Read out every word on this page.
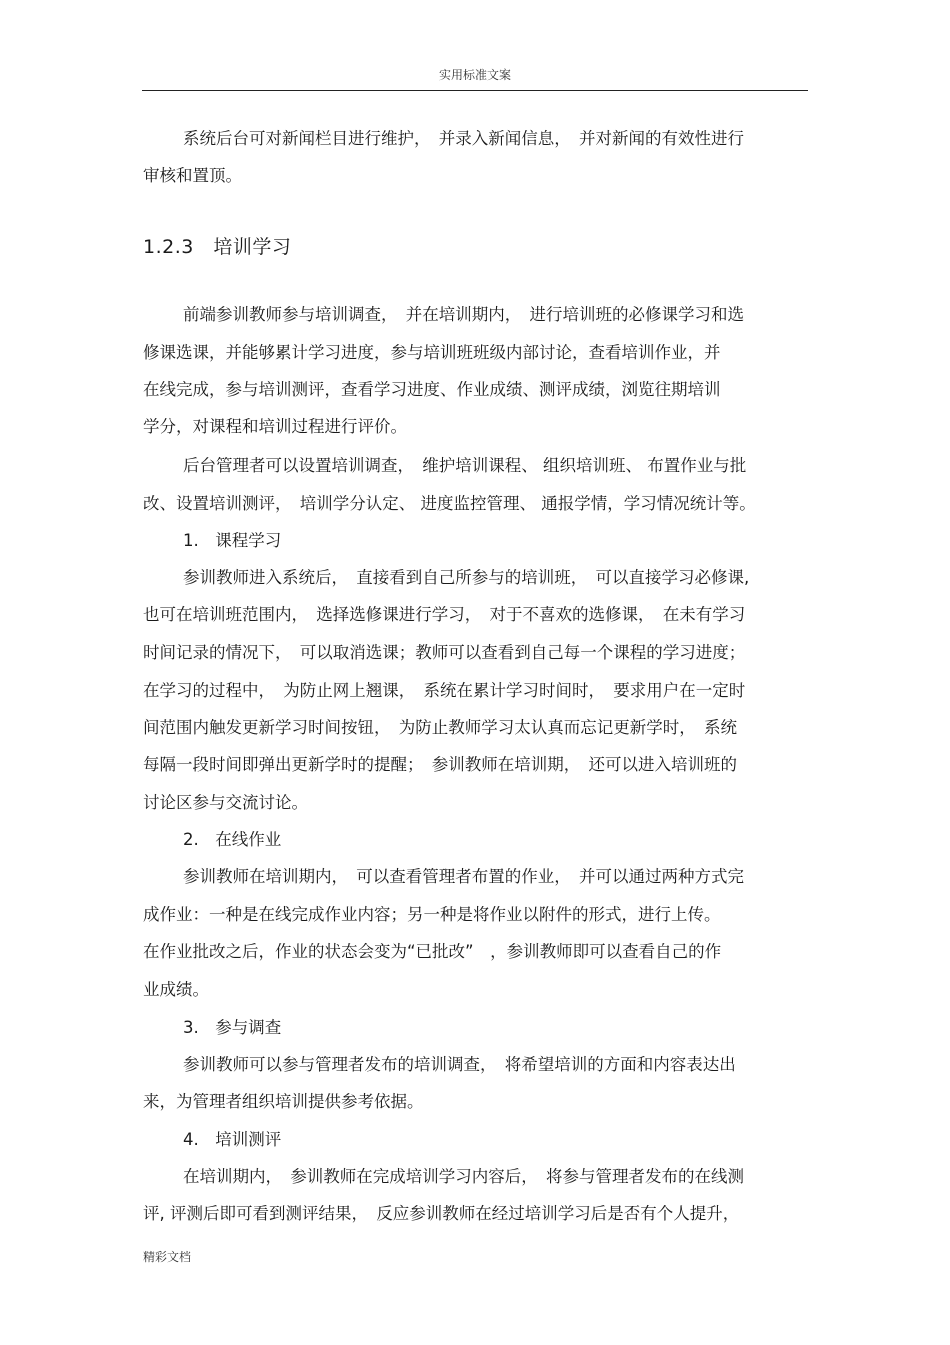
实用标准文案
系统后台可对新闻栏目进行维护，　并录入新闻信息，　并对新闻的有效性进行
审核和置顶。
1.2.3　培训学习
前端参训教师参与培训调查，　并在培训期内，　进行培训班的必修课学习和选
修课选课，并能够累计学习进度，参与培训班班级内部讨论，查看培训作业，并
在线完成，参与培训测评，查看学习进度、作业成绩、测评成绩，浏览往期培训
学分，对课程和培训过程进行评价。
后台管理者可以设置培训调查，　维护培训课程、 组织培训班、 布置作业与批
改、设置培训测评，　培训学分认定、 进度监控管理、 通报学情，学习情况统计等。
1.　课程学习
参训教师进入系统后，　直接看到自己所参与的培训班，　可以直接学习必修课,
也可在培训班范围内，　选择选修课进行学习，　对于不喜欢的选修课，　在未有学习
时间记录的情况下，　可以取消选课；教师可以查看到自己每一个课程的学习进度；
在学习的过程中，　为防止网上翘课，　系统在累计学习时间时，　要求用户在一定时
间范围内触发更新学习时间按钮，　为防止教师学习太认真而忘记更新学时，　系统
每隔一段时间即弹出更新学时的提醒；　参训教师在培训期，　还可以进入培训班的
讨论区参与交流讨论。
2.　在线作业
参训教师在培训期内，　可以查看管理者布置的作业，　并可以通过两种方式完
成作业：一种是在线完成作业内容；另一种是将作业以附件的形式，进行上传。
在作业批改之后，作业的状态会变为“已批改”　，参训教师即可以查看自己的作
业成绩。
3.　参与调查
参训教师可以参与管理者发布的培训调查，　将希望培训的方面和内容表达出
来，为管理者组织培训提供参考依据。
4.　培训测评
在培训期内，　参训教师在完成培训学习内容后，　将参与管理者发布的在线测
评, 评测后即可看到测评结果，　反应参训教师在经过培训学习后是否有个人提升，
精彩文档
